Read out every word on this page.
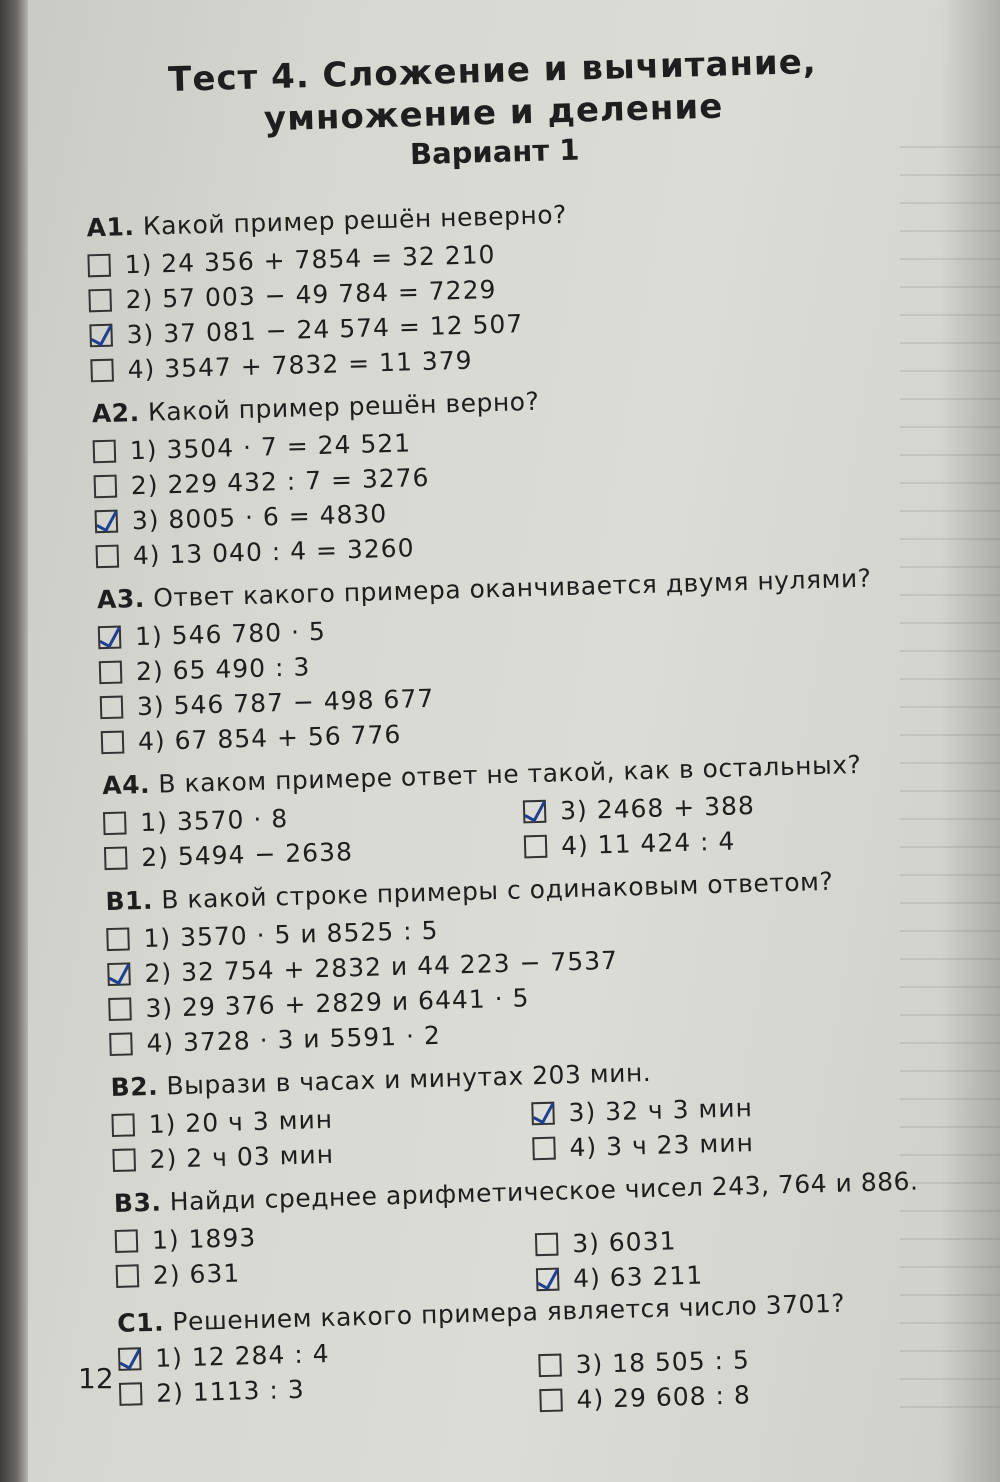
Тест 4. Сложение и вычитание,
умножение и деление
Вариант 1
A1. Какой пример решён неверно?
1) 24 356 + 7854 = 32 210
2) 57 003 − 49 784 = 7229
3) 37 081 − 24 574 = 12 507
4) 3547 + 7832 = 11 379
A2. Какой пример решён верно?
1) 3504 · 7 = 24 521
2) 229 432 : 7 = 3276
3) 8005 · 6 = 4830
4) 13 040 : 4 = 3260
A3. Ответ какого примера оканчивается двумя нулями?
1) 546 780 · 5
2) 65 490 : 3
3) 546 787 − 498 677
4) 67 854 + 56 776
A4. В каком примере ответ не такой, как в остальных?
1) 3570 · 8
2) 5494 − 2638
3) 2468 + 388
4) 11 424 : 4
B1. В какой строке примеры с одинаковым ответом?
1) 3570 · 5 и 8525 : 5
2) 32 754 + 2832 и 44 223 − 7537
3) 29 376 + 2829 и 6441 · 5
4) 3728 · 3 и 5591 · 2
B2. Вырази в часах и минутах 203 мин.
1) 20 ч 3 мин
2) 2 ч 03 мин
3) 32 ч 3 мин
4) 3 ч 23 мин
B3. Найди среднее арифметическое чисел 243, 764 и 886.
1) 1893
2) 631
3) 6031
4) 63 211
C1. Решением какого примера является число 3701?
1) 12 284 : 4
2) 1113 : 3
3) 18 505 : 5
4) 29 608 : 8
12
